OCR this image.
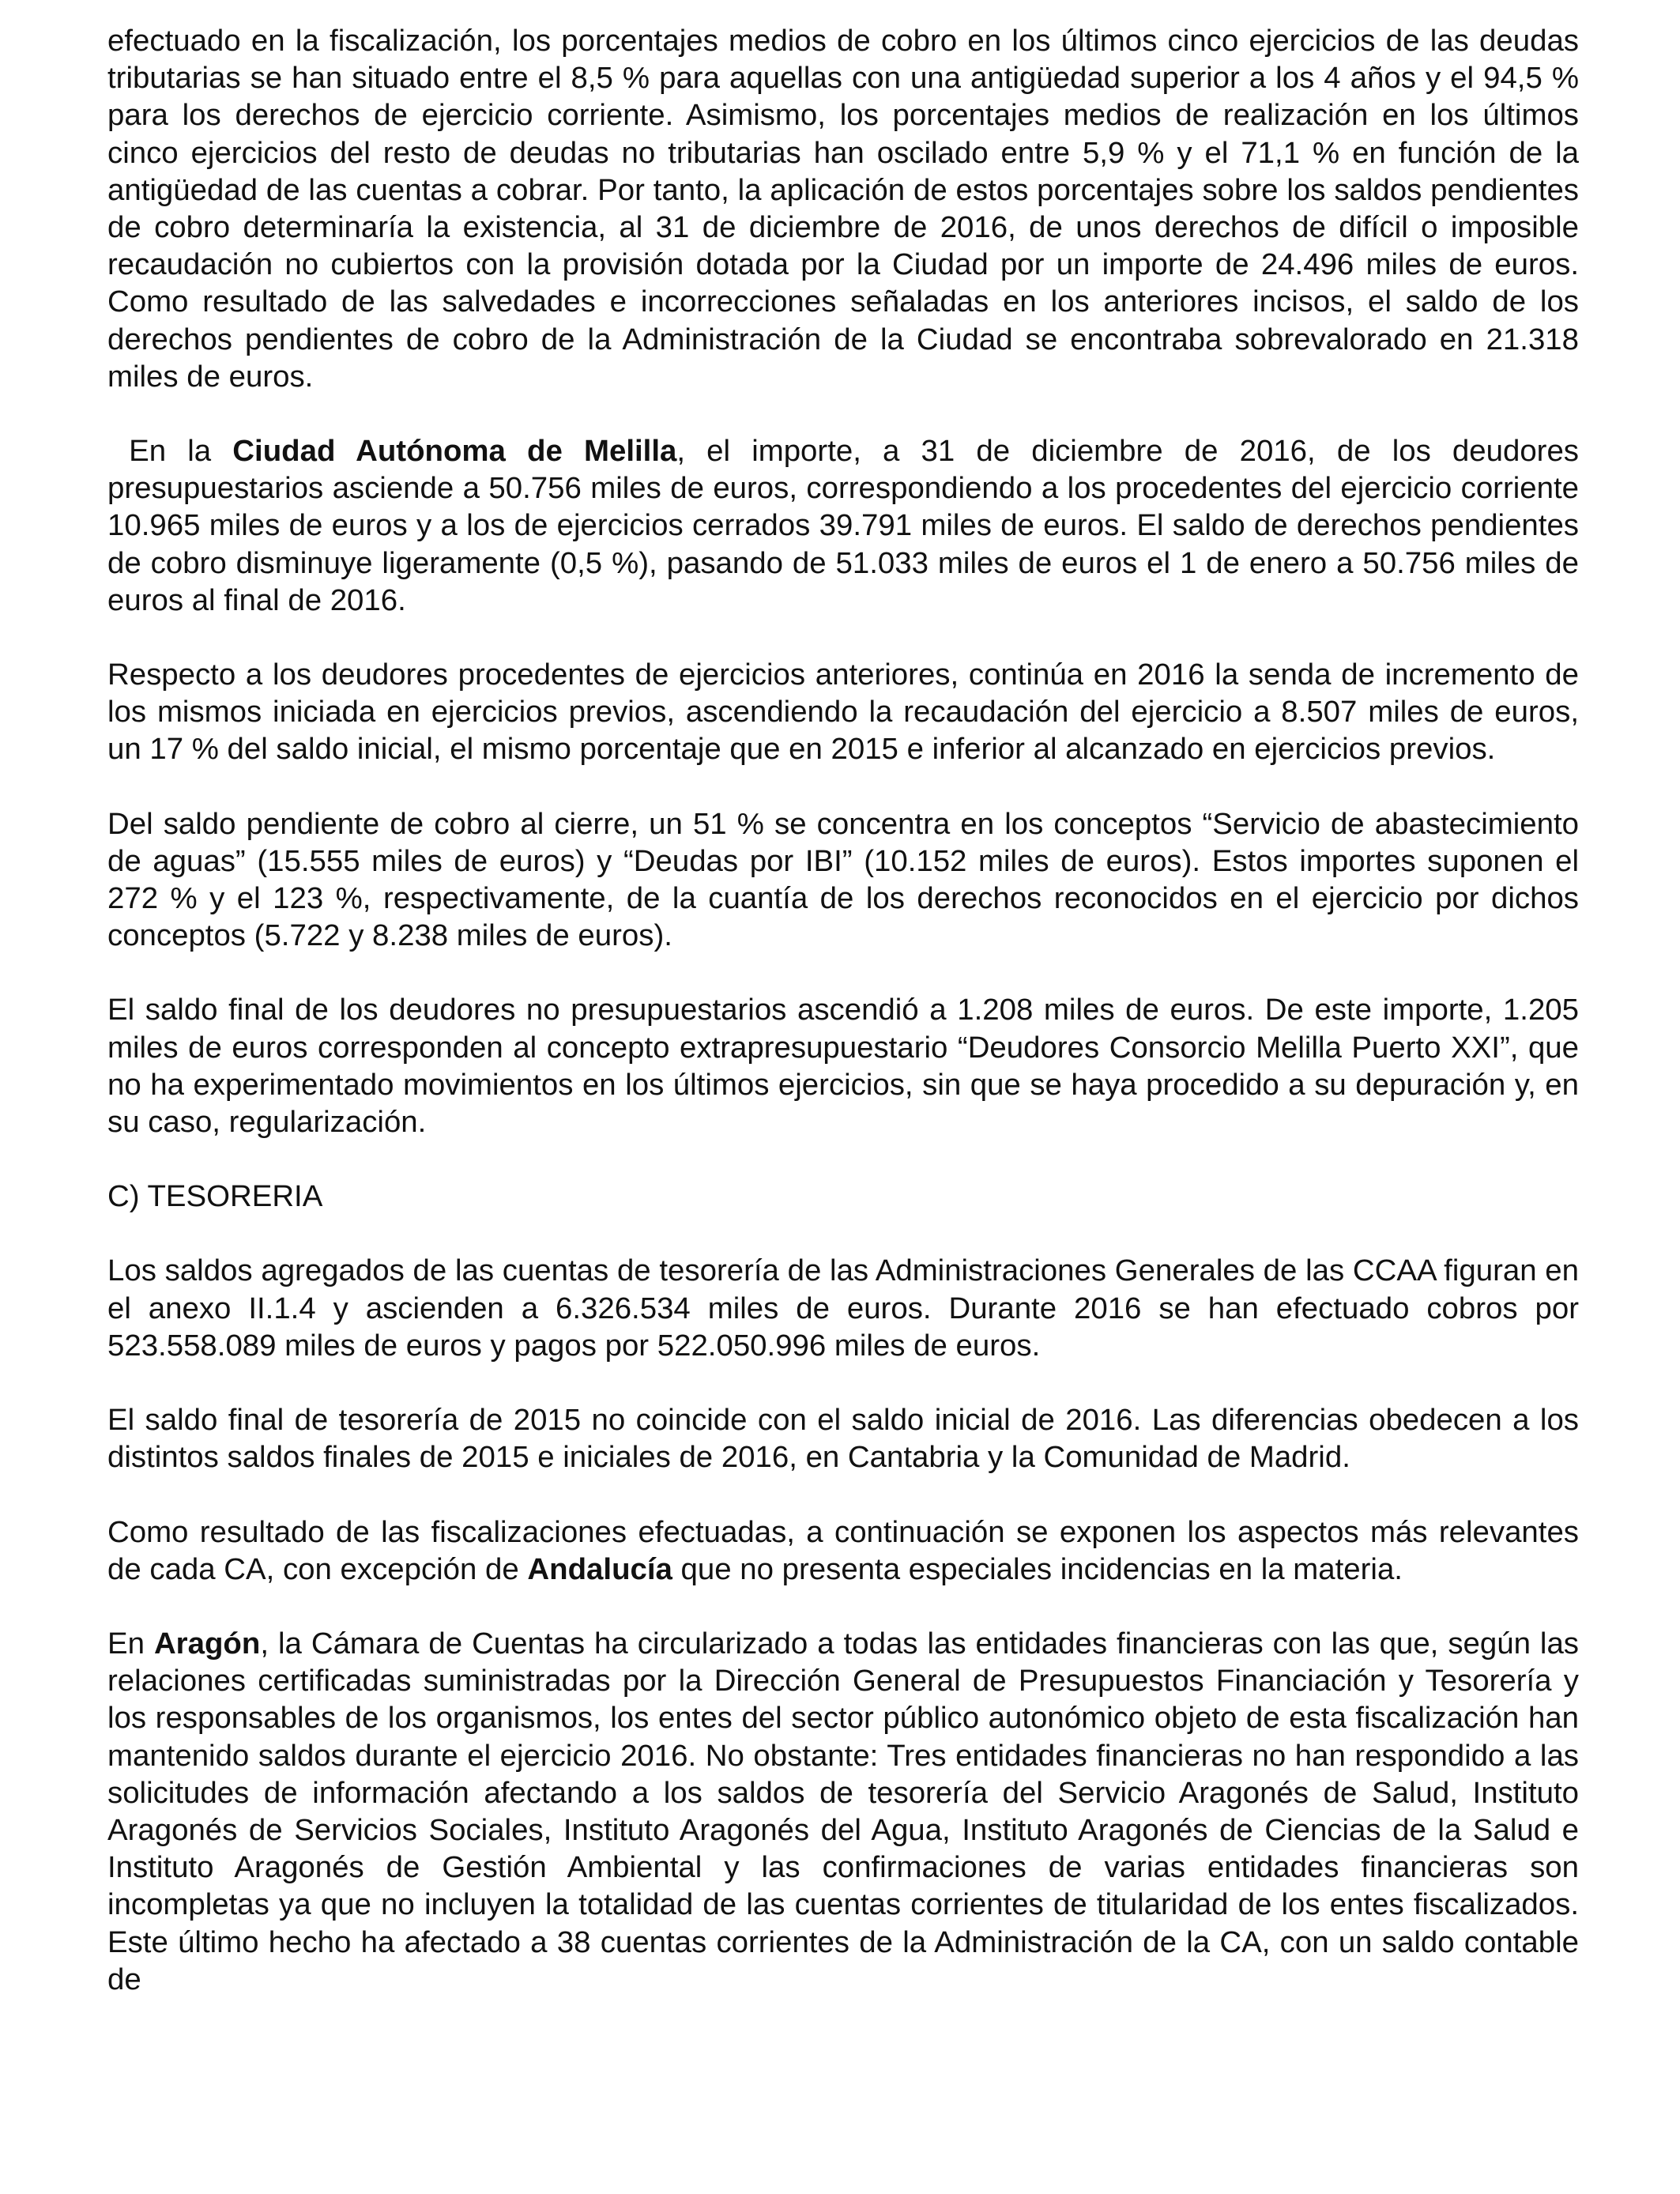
efectuado en la fiscalización, los porcentajes medios de cobro en los últimos cinco ejercicios de las deudas tributarias se han situado entre el 8,5 % para aquellas con una antigüedad superior a los 4 años y el 94,5 % para los derechos de ejercicio corriente. Asimismo, los porcentajes medios de realización en los últimos cinco ejercicios del resto de deudas no tributarias han oscilado entre 5,9 % y el 71,1 % en función de la antigüedad de las cuentas a cobrar. Por tanto, la aplicación de estos porcentajes sobre los saldos pendientes de cobro determinaría la existencia, al 31 de diciembre de 2016, de unos derechos de difícil o imposible recaudación no cubiertos con la provisión dotada por la Ciudad por un importe de 24.496 miles de euros. Como resultado de las salvedades e incorrecciones señaladas en los anteriores incisos, el saldo de los derechos pendientes de cobro de la Administración de la Ciudad se encontraba sobrevalorado en 21.318 miles de euros.

En la Ciudad Autónoma de Melilla, el importe, a 31 de diciembre de 2016, de los deudores presupuestarios asciende a 50.756 miles de euros, correspondiendo a los procedentes del ejercicio corriente 10.965 miles de euros y a los de ejercicios cerrados 39.791 miles de euros. El saldo de derechos pendientes de cobro disminuye ligeramente (0,5 %), pasando de 51.033 miles de euros el 1 de enero a 50.756 miles de euros al final de 2016.

Respecto a los deudores procedentes de ejercicios anteriores, continúa en 2016 la senda de incremento de los mismos iniciada en ejercicios previos, ascendiendo la recaudación del ejercicio a 8.507 miles de euros, un 17 % del saldo inicial, el mismo porcentaje que en 2015 e inferior al alcanzado en ejercicios previos.

Del saldo pendiente de cobro al cierre, un 51 % se concentra en los conceptos “Servicio de abastecimiento de aguas” (15.555 miles de euros) y “Deudas por IBI” (10.152 miles de euros). Estos importes suponen el 272 % y el 123 %, respectivamente, de la cuantía de los derechos reconocidos en el ejercicio por dichos conceptos (5.722 y 8.238 miles de euros).

El saldo final de los deudores no presupuestarios ascendió a 1.208 miles de euros. De este importe, 1.205 miles de euros corresponden al concepto extrapresupuestario “Deudores Consorcio Melilla Puerto XXI”, que no ha experimentado movimientos en los últimos ejercicios, sin que se haya procedido a su depuración y, en su caso, regularización.

C) TESORERIA

Los saldos agregados de las cuentas de tesorería de las Administraciones Generales de las CCAA figuran en el anexo II.1.4 y ascienden a 6.326.534 miles de euros. Durante 2016 se han efectuado cobros por 523.558.089 miles de euros y pagos por 522.050.996 miles de euros.

El saldo final de tesorería de 2015 no coincide con el saldo inicial de 2016. Las diferencias obedecen a los distintos saldos finales de 2015 e iniciales de 2016, en Cantabria y la Comunidad de Madrid.

Como resultado de las fiscalizaciones efectuadas, a continuación se exponen los aspectos más relevantes de cada CA, con excepción de Andalucía que no presenta especiales incidencias en la materia.

En Aragón, la Cámara de Cuentas ha circularizado a todas las entidades financieras con las que, según las relaciones certificadas suministradas por la Dirección General de Presupuestos Financiación y Tesorería y los responsables de los organismos, los entes del sector público autonómico objeto de esta fiscalización han mantenido saldos durante el ejercicio 2016. No obstante: Tres entidades financieras no han respondido a las solicitudes de información afectando a los saldos de tesorería del Servicio Aragonés de Salud, Instituto Aragonés de Servicios Sociales, Instituto Aragonés del Agua, Instituto Aragonés de Ciencias de la Salud e Instituto Aragonés de Gestión Ambiental y las confirmaciones de varias entidades financieras son incompletas ya que no incluyen la totalidad de las cuentas corrientes de titularidad de los entes fiscalizados. Este último hecho ha afectado a 38 cuentas corrientes de la Administración de la CA, con un saldo contable de
